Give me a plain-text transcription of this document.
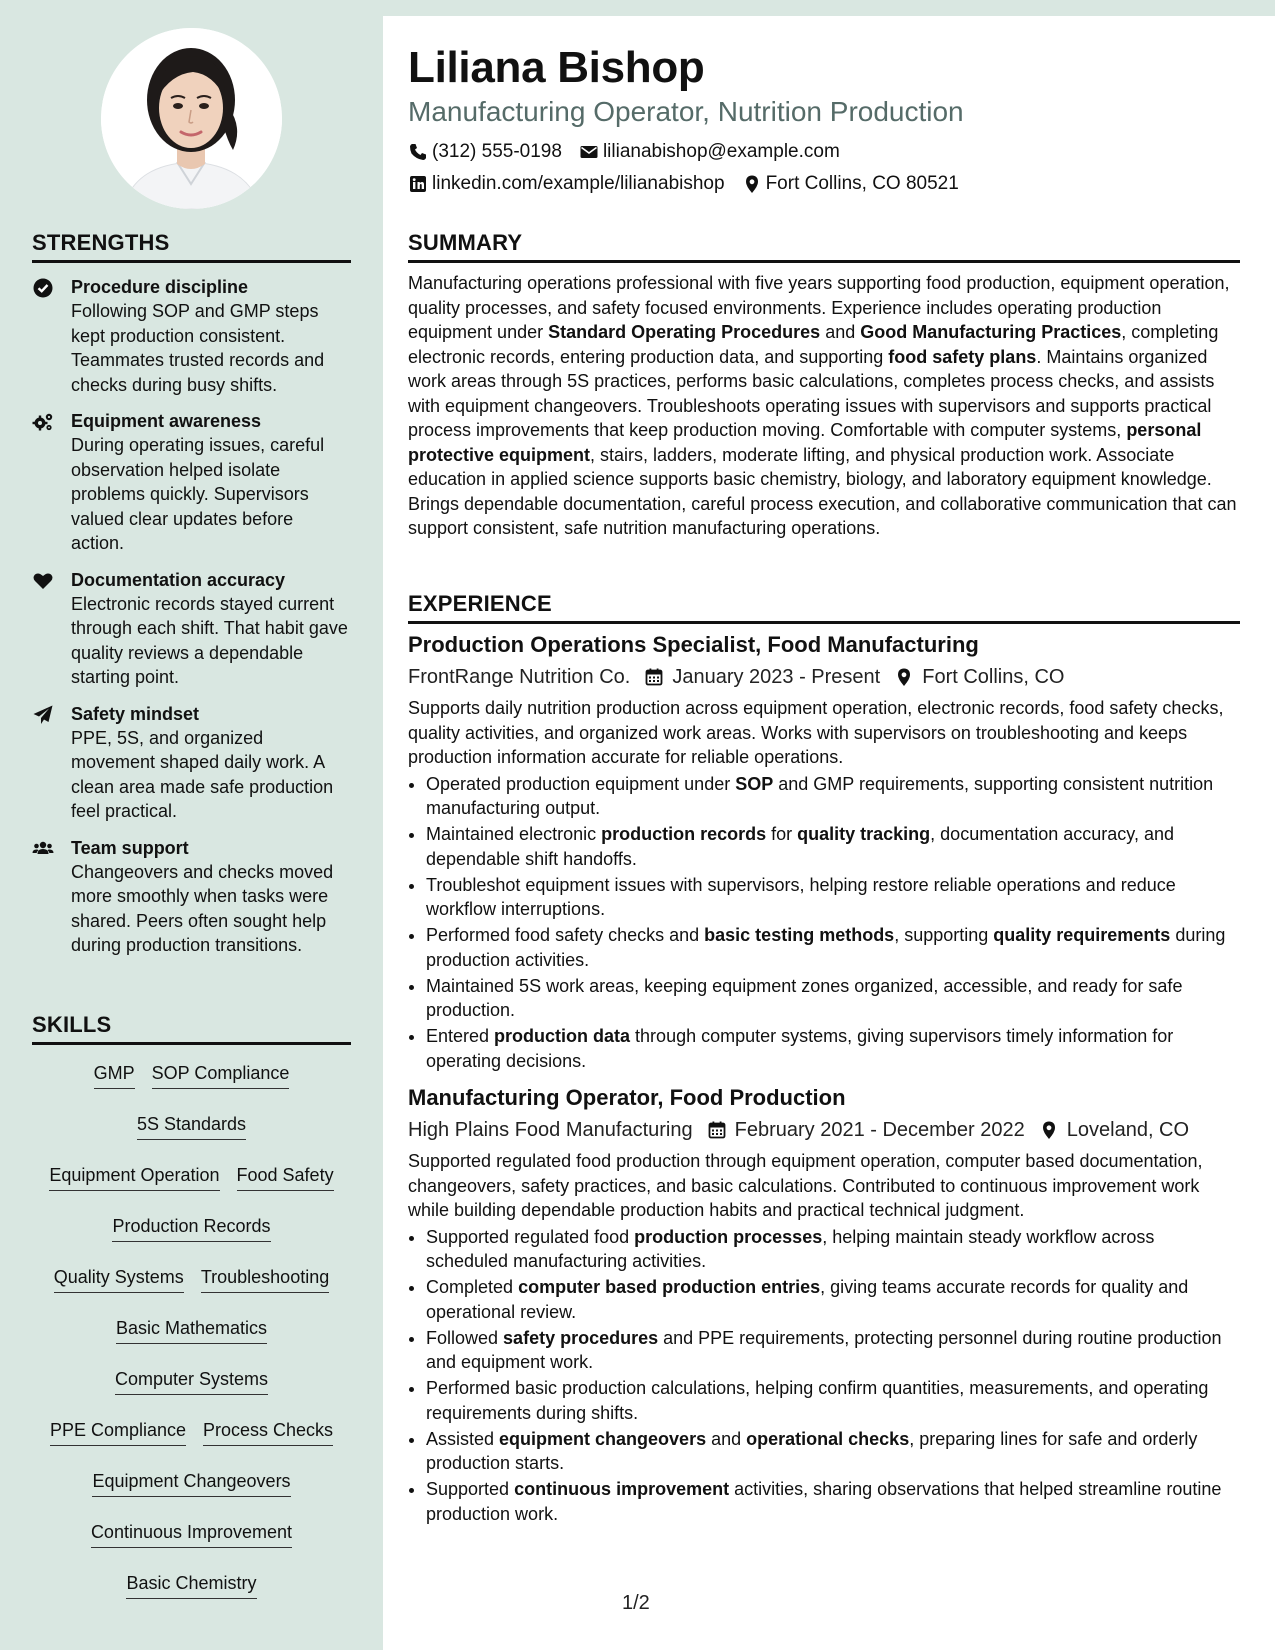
Liliana Bishop
Manufacturing Operator, Nutrition Production
(312) 555-0198 lilianabishop@example.com
linkedin.com/example/lilianabishop Fort Collins, CO 80521
STRENGTHS
Procedure discipline
Following SOP and GMP steps kept production consistent. Teammates trusted records and checks during busy shifts.
Equipment awareness
During operating issues, careful observation helped isolate problems quickly. Supervisors valued clear updates before action.
Documentation accuracy
Electronic records stayed current through each shift. That habit gave quality reviews a dependable starting point.
Safety mindset
PPE, 5S, and organized movement shaped daily work. A clean area made safe production feel practical.
Team support
Changeovers and checks moved more smoothly when tasks were shared. Peers often sought help during production transitions.
SKILLS
GMP SOP Compliance
5S Standards
Equipment Operation Food Safety
Production Records
Quality Systems Troubleshooting
Basic Mathematics
Computer Systems
PPE Compliance Process Checks
Equipment Changeovers
Continuous Improvement
Basic Chemistry
SUMMARY
Manufacturing operations professional with five years supporting food production, equipment operation, quality processes, and safety focused environments. Experience includes operating production equipment under Standard Operating Procedures and Good Manufacturing Practices, completing electronic records, entering production data, and supporting food safety plans. Maintains organized work areas through 5S practices, performs basic calculations, completes process checks, and assists with equipment changeovers. Troubleshoots operating issues with supervisors and supports practical process improvements that keep production moving. Comfortable with computer systems, personal protective equipment, stairs, ladders, moderate lifting, and physical production work. Associate education in applied science supports basic chemistry, biology, and laboratory equipment knowledge. Brings dependable documentation, careful process execution, and collaborative communication that can support consistent, safe nutrition manufacturing operations.
EXPERIENCE
Production Operations Specialist, Food Manufacturing
FrontRange Nutrition Co. January 2023 - Present Fort Collins, CO
Supports daily nutrition production across equipment operation, electronic records, food safety checks, quality activities, and organized work areas. Works with supervisors on troubleshooting and keeps production information accurate for reliable operations.
• Operated production equipment under SOP and GMP requirements, supporting consistent nutrition manufacturing output.
• Maintained electronic production records for quality tracking, documentation accuracy, and dependable shift handoffs.
• Troubleshot equipment issues with supervisors, helping restore reliable operations and reduce workflow interruptions.
• Performed food safety checks and basic testing methods, supporting quality requirements during production activities.
• Maintained 5S work areas, keeping equipment zones organized, accessible, and ready for safe production.
• Entered production data through computer systems, giving supervisors timely information for operating decisions.
Manufacturing Operator, Food Production
High Plains Food Manufacturing February 2021 - December 2022 Loveland, CO
Supported regulated food production through equipment operation, computer based documentation, changeovers, safety practices, and basic calculations. Contributed to continuous improvement work while building dependable production habits and practical technical judgment.
• Supported regulated food production processes, helping maintain steady workflow across scheduled manufacturing activities.
• Completed computer based production entries, giving teams accurate records for quality and operational review.
• Followed safety procedures and PPE requirements, protecting personnel during routine production and equipment work.
• Performed basic production calculations, helping confirm quantities, measurements, and operating requirements during shifts.
• Assisted equipment changeovers and operational checks, preparing lines for safe and orderly production starts.
• Supported continuous improvement activities, sharing observations that helped streamline routine production work.
1/2
